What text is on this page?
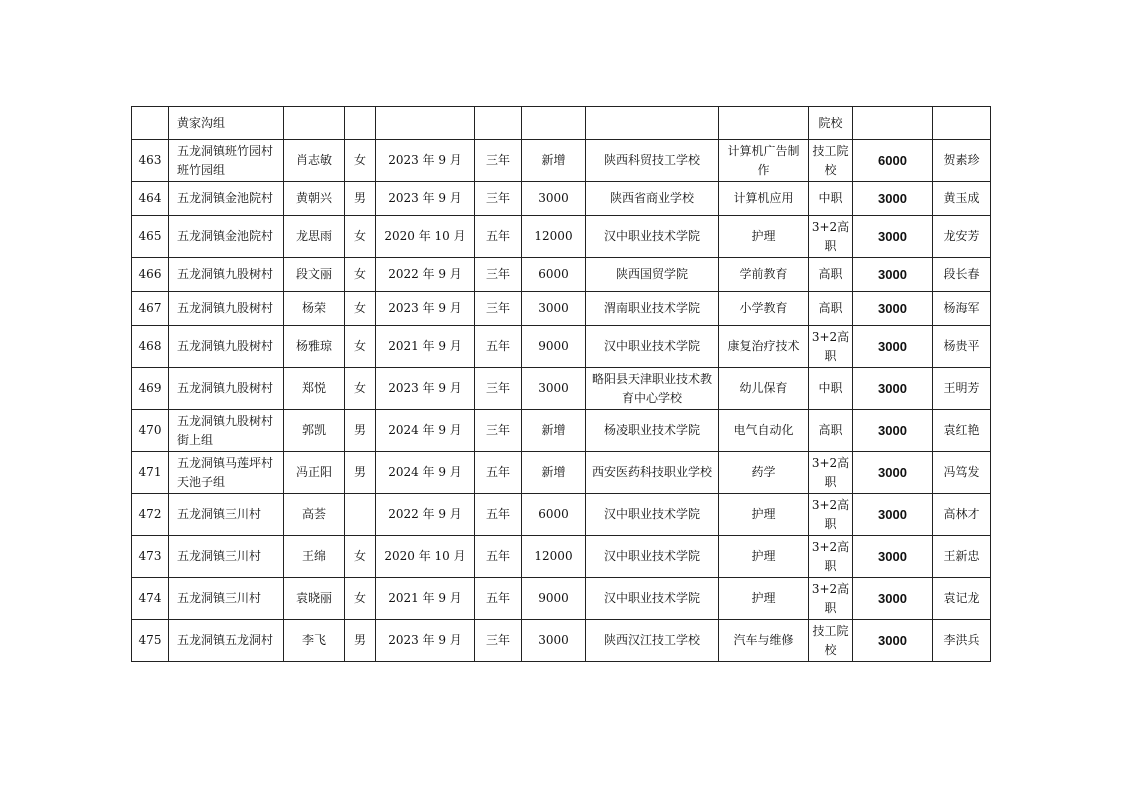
	黄家沟组								院校		
463	五龙洞镇班竹园村班竹园组	肖志敏	女	2023 年 9 月	三年	新增	陕西科贸技工学校	计算机广告制作	技工院校	6000	贺素珍
464	五龙洞镇金池院村	黄朝兴	男	2023 年 9 月	三年	3000	陕西省商业学校	计算机应用	中职	3000	黄玉成
465	五龙洞镇金池院村	龙思雨	女	2020 年 10 月	五年	12000	汉中职业技术学院	护理	3+2高职	3000	龙安芳
466	五龙洞镇九股树村	段文丽	女	2022 年 9 月	三年	6000	陕西国贸学院	学前教育	高职	3000	段长春
467	五龙洞镇九股树村	杨荣	女	2023 年 9 月	三年	3000	渭南职业技术学院	小学教育	高职	3000	杨海军
468	五龙洞镇九股树村	杨雅琼	女	2021 年 9 月	五年	9000	汉中职业技术学院	康复治疗技术	3+2高职	3000	杨贵平
469	五龙洞镇九股树村	郑悦	女	2023 年 9 月	三年	3000	略阳县天津职业技术教育中心学校	幼儿保育	中职	3000	王明芳
470	五龙洞镇九股树村街上组	郭凯	男	2024 年 9 月	三年	新增	杨凌职业技术学院	电气自动化	高职	3000	袁红艳
471	五龙洞镇马莲坪村天池子组	冯正阳	男	2024 年 9 月	五年	新增	西安医药科技职业学校	药学	3+2高职	3000	冯笃发
472	五龙洞镇三川村	高荟		2022 年 9 月	五年	6000	汉中职业技术学院	护理	3+2高职	3000	高林才
473	五龙洞镇三川村	王绵	女	2020 年 10 月	五年	12000	汉中职业技术学院	护理	3+2高职	3000	王新忠
474	五龙洞镇三川村	袁晓丽	女	2021 年 9 月	五年	9000	汉中职业技术学院	护理	3+2高职	3000	袁记龙
475	五龙洞镇五龙洞村	李飞	男	2023 年 9 月	三年	3000	陕西汉江技工学校	汽车与维修	技工院校	3000	李洪兵
